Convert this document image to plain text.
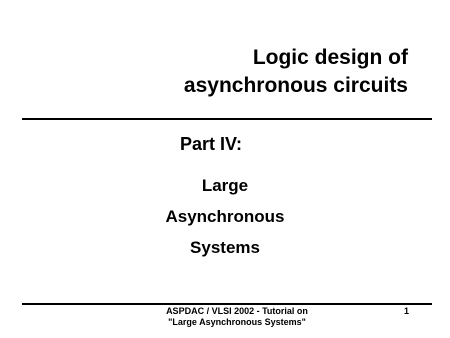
Logic design of
asynchronous circuits
Part IV:
Large
Asynchronous
Systems
ASPDAC / VLSI 2002 - Tutorial on
"Large Asynchronous Systems"
1
